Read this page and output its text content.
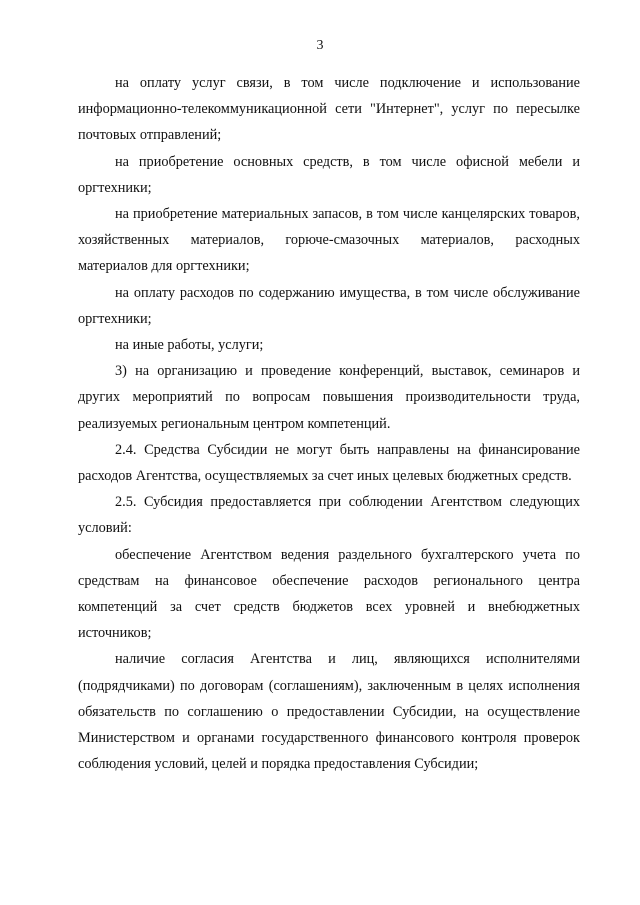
3

на оплату услуг связи, в том числе подключение и использование информационно-телекоммуникационной сети "Интернет", услуг по пересылке почтовых отправлений;

на приобретение основных средств, в том числе офисной мебели и оргтехники;

на приобретение материальных запасов, в том числе канцелярских товаров, хозяйственных материалов, горюче-смазочных материалов, расходных материалов для оргтехники;

на оплату расходов по содержанию имущества, в том числе обслуживание оргтехники;

на иные работы, услуги;

3) на организацию и проведение конференций, выставок, семинаров и других мероприятий по вопросам повышения производительности труда, реализуемых региональным центром компетенций.

2.4. Средства Субсидии не могут быть направлены на финансирование расходов Агентства, осуществляемых за счет иных целевых бюджетных средств.

2.5. Субсидия предоставляется при соблюдении Агентством следующих условий:

обеспечение Агентством ведения раздельного бухгалтерского учета по средствам на финансовое обеспечение расходов регионального центра компетенций за счет средств бюджетов всех уровней и внебюджетных источников;

наличие согласия Агентства и лиц, являющихся исполнителями (подрядчиками) по договорам (соглашениям), заключенным в целях исполнения обязательств по соглашению о предоставлении Субсидии, на осуществление Министерством и органами государственного финансового контроля проверок соблюдения условий, целей и порядка предоставления Субсидии;
